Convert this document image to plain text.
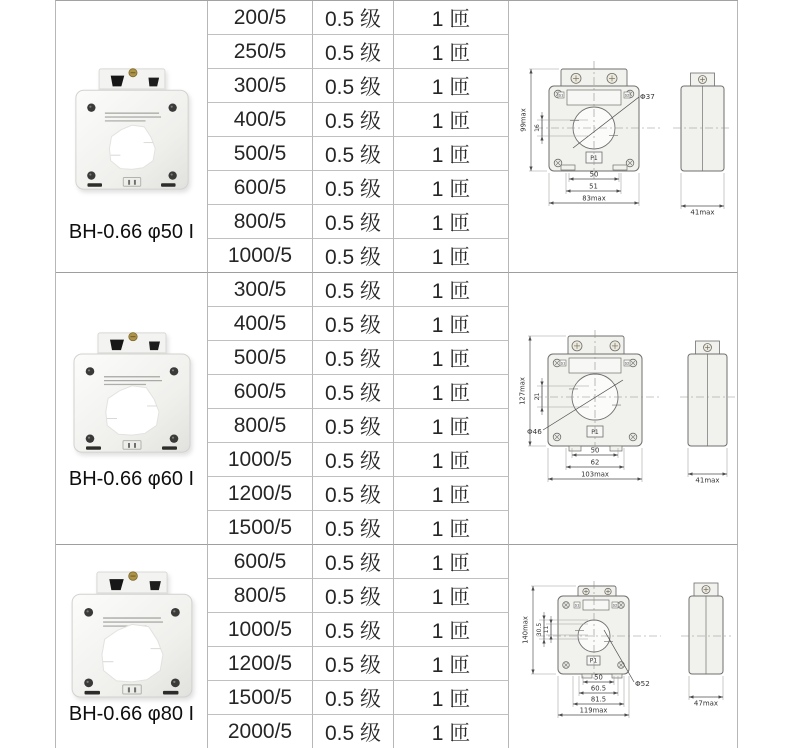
BH-0.66 φ50 I
200/5	0.5 级	1 匝
250/5	0.5 级	1 匝
300/5	0.5 级	1 匝
400/5	0.5 级	1 匝
500/5	0.5 级	1 匝
600/5	0.5 级	1 匝
800/5	0.5 级	1 匝
1000/5	0.5 级	1 匝
S1	S2
P1
99max 16
50
51
83max
Φ37
41max
BH-0.66 φ60 I
300/5	0.5 级	1 匝
400/5	0.5 级	1 匝
500/5	0.5 级	1 匝
600/5	0.5 级	1 匝
800/5	0.5 级	1 匝
1000/5	0.5 级	1 匝
1200/5	0.5 级	1 匝
1500/5	0.5 级	1 匝
S1	S2
P1
127max 21
50
62
103max
Φ46
41max
BH-0.66 φ80 I
600/5	0.5 级	1 匝
800/5	0.5 级	1 匝
1000/5	0.5 级	1 匝
1200/5	0.5 级	1 匝
1500/5	0.5 级	1 匝
2000/5	0.5 级	1 匝
S1	S2
P1
140max 30.5 11
50
60.5
81.5
119max
Φ52
47max
